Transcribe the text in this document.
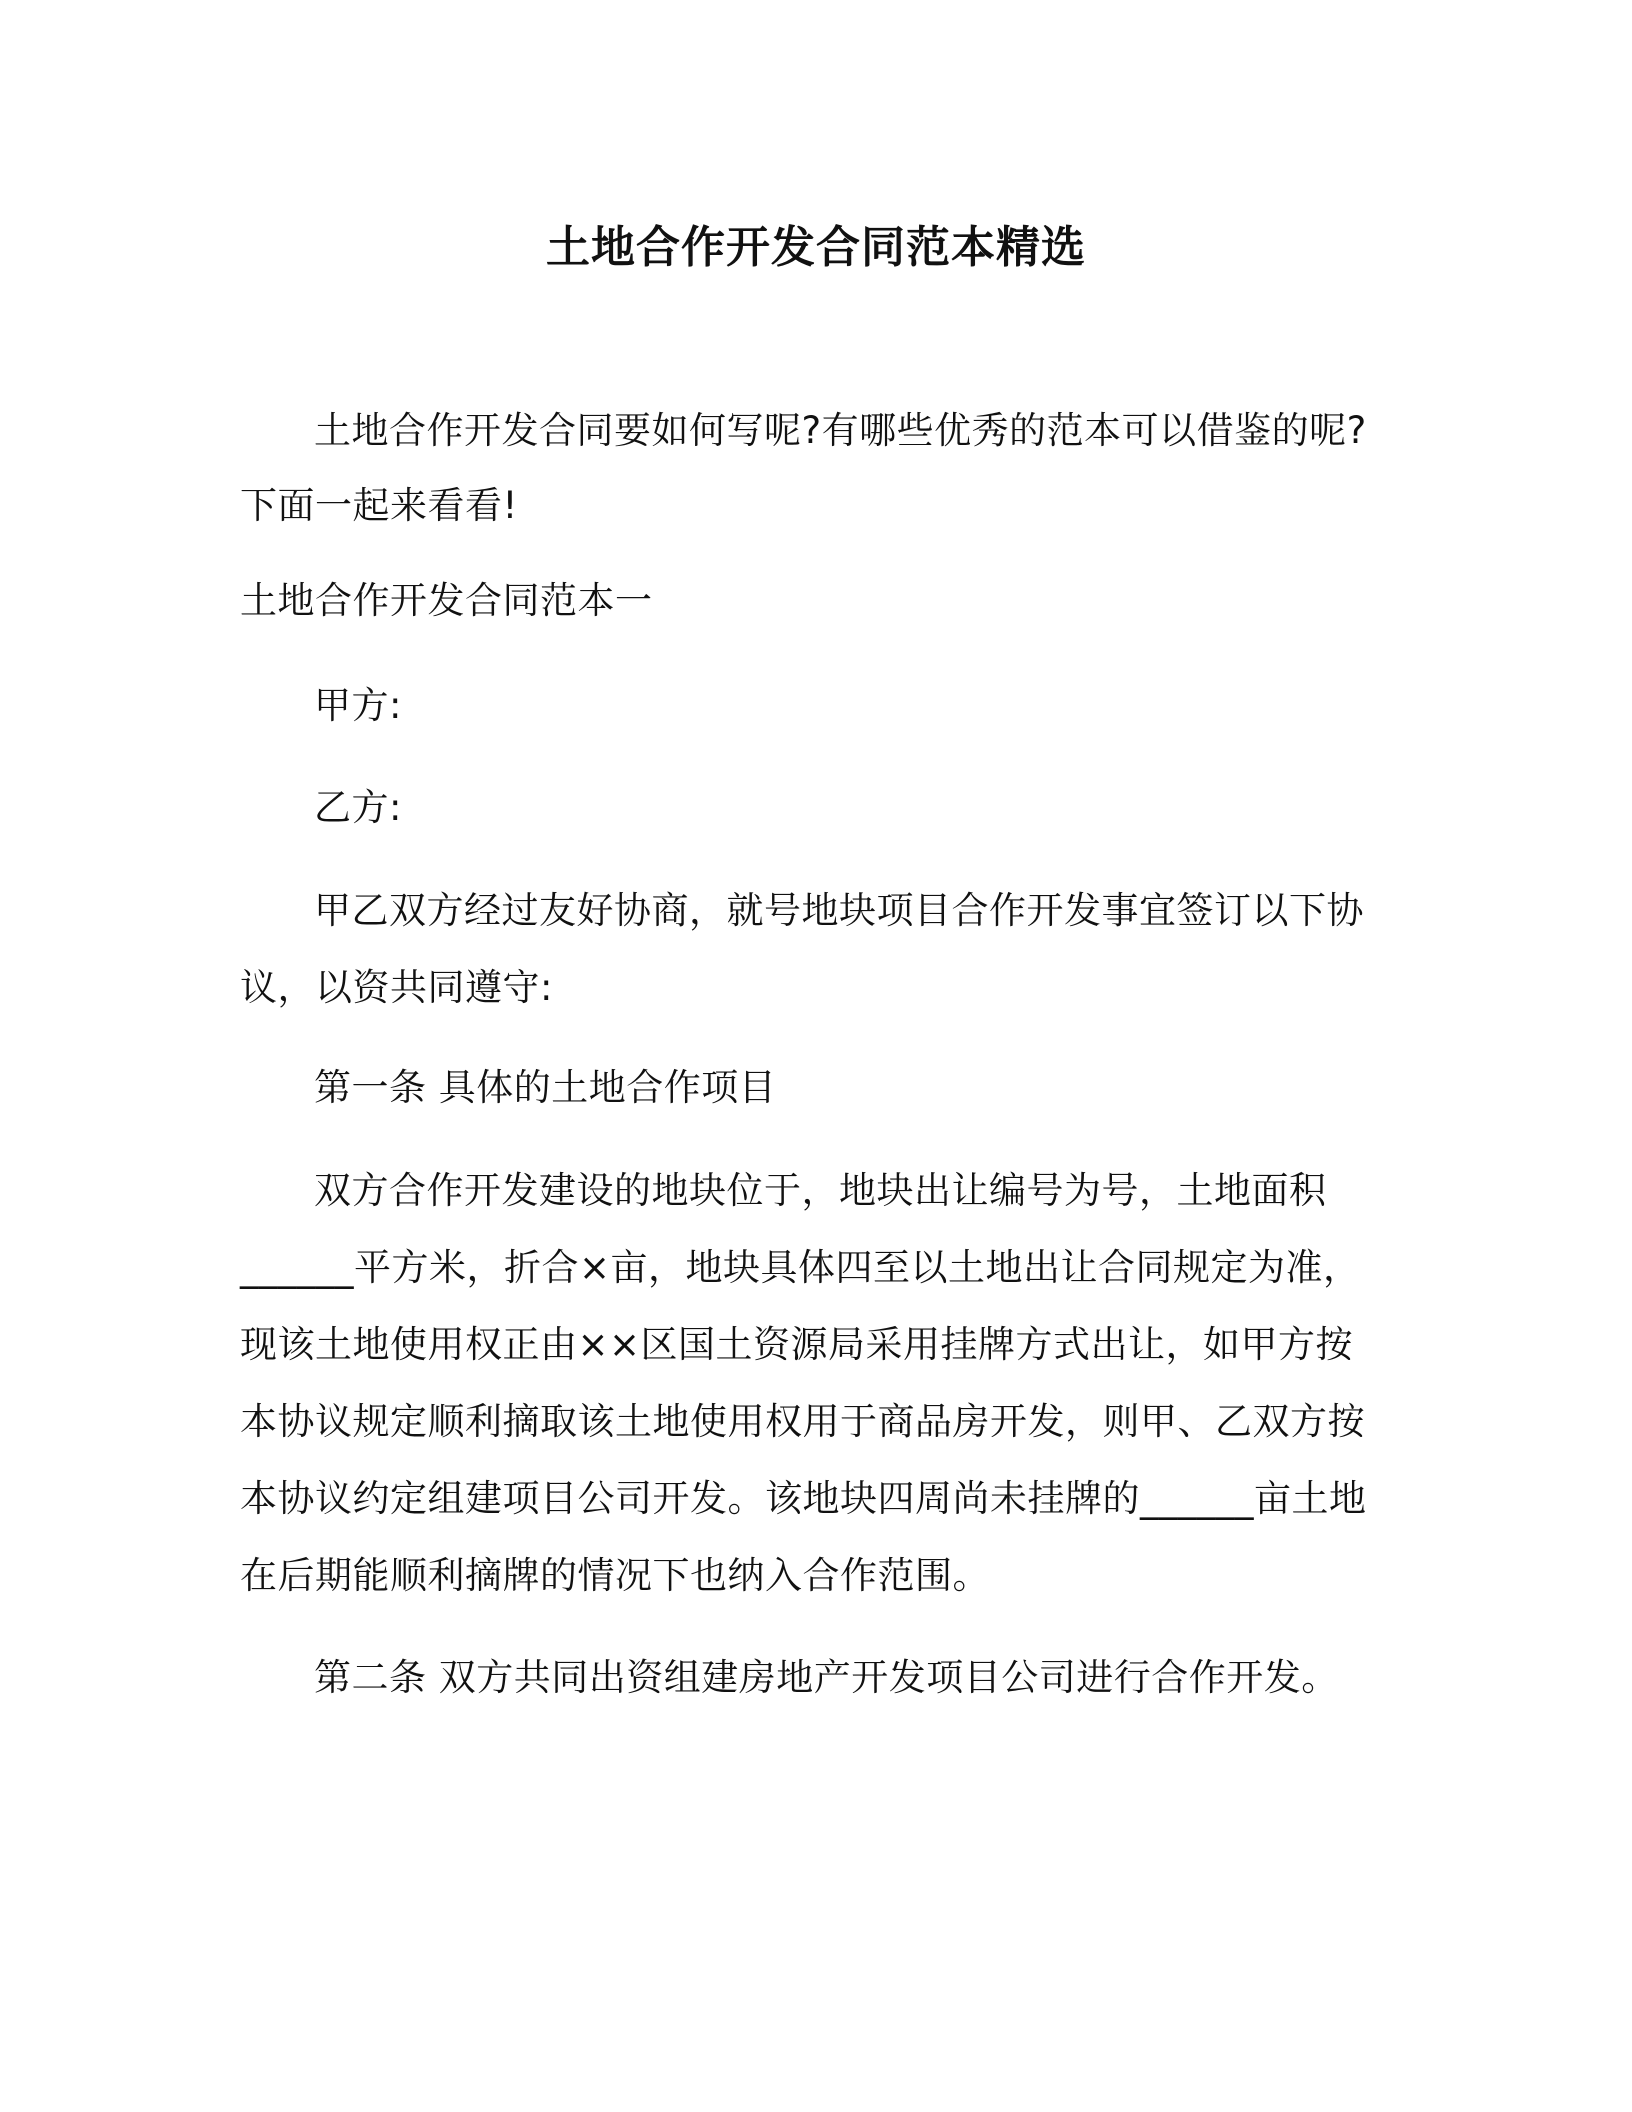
土地合作开发合同范本精选
土地合作开发合同要如何写呢?有哪些优秀的范本可以借鉴的呢?
下面一起来看看!
土地合作开发合同范本一
甲方:
乙方:
甲乙双方经过友好协商，就号地块项目合作开发事宜签订以下协
议，以资共同遵守:
第一条 具体的土地合作项目
双方合作开发建设的地块位于，地块出让编号为号，土地面积
______平方米，折合×亩，地块具体四至以土地出让合同规定为准，
现该土地使用权正由××区国土资源局采用挂牌方式出让，如甲方按
本协议规定顺利摘取该土地使用权用于商品房开发，则甲、乙双方按
本协议约定组建项目公司开发。该地块四周尚未挂牌的______亩土地
在后期能顺利摘牌的情况下也纳入合作范围。
第二条 双方共同出资组建房地产开发项目公司进行合作开发。
